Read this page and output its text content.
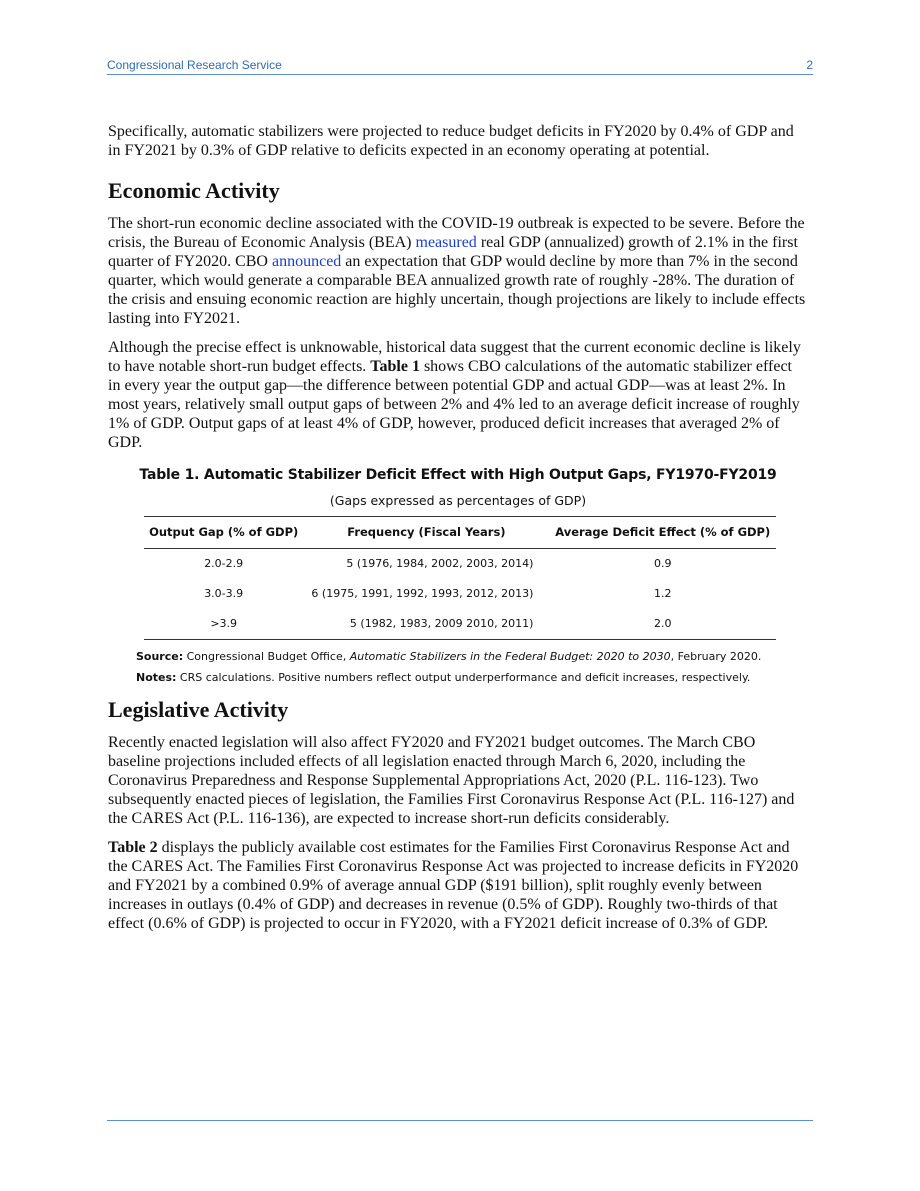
Congressional Research Service	2

Specifically, automatic stabilizers were projected to reduce budget deficits in FY2020 by 0.4% of GDP and in FY2021 by 0.3% of GDP relative to deficits expected in an economy operating at potential.

Economic Activity

The short-run economic decline associated with the COVID-19 outbreak is expected to be severe. Before the crisis, the Bureau of Economic Analysis (BEA) measured real GDP (annualized) growth of 2.1% in the first quarter of FY2020. CBO announced an expectation that GDP would decline by more than 7% in the second quarter, which would generate a comparable BEA annualized growth rate of roughly -28%. The duration of the crisis and ensuing economic reaction are highly uncertain, though projections are likely to include effects lasting into FY2021.

Although the precise effect is unknowable, historical data suggest that the current economic decline is likely to have notable short-run budget effects. Table 1 shows CBO calculations of the automatic stabilizer effect in every year the output gap—the difference between potential GDP and actual GDP—was at least 2%. In most years, relatively small output gaps of between 2% and 4% led to an average deficit increase of roughly 1% of GDP. Output gaps of at least 4% of GDP, however, produced deficit increases that averaged 2% of GDP.

Table 1. Automatic Stabilizer Deficit Effect with High Output Gaps, FY1970-FY2019
(Gaps expressed as percentages of GDP)
Output Gap (% of GDP)	Frequency (Fiscal Years)	Average Deficit Effect (% of GDP)
2.0-2.9	5 (1976, 1984, 2002, 2003, 2014)	0.9
3.0-3.9	6 (1975, 1991, 1992, 1993, 2012, 2013)	1.2
>3.9	5 (1982, 1983, 2009 2010, 2011)	2.0
Source: Congressional Budget Office, Automatic Stabilizers in the Federal Budget: 2020 to 2030, February 2020.
Notes: CRS calculations. Positive numbers reflect output underperformance and deficit increases, respectively.
Legislative Activity

Recently enacted legislation will also affect FY2020 and FY2021 budget outcomes. The March CBO baseline projections included effects of all legislation enacted through March 6, 2020, including the Coronavirus Preparedness and Response Supplemental Appropriations Act, 2020 (P.L. 116-123). Two subsequently enacted pieces of legislation, the Families First Coronavirus Response Act (P.L. 116-127) and the CARES Act (P.L. 116-136), are expected to increase short-run deficits considerably.

Table 2 displays the publicly available cost estimates for the Families First Coronavirus Response Act and the CARES Act. The Families First Coronavirus Response Act was projected to increase deficits in FY2020 and FY2021 by a combined 0.9% of average annual GDP ($191 billion), split roughly evenly between increases in outlays (0.4% of GDP) and decreases in revenue (0.5% of GDP). Roughly two-thirds of that effect (0.6% of GDP) is projected to occur in FY2020, with a FY2021 deficit increase of 0.3% of GDP.
